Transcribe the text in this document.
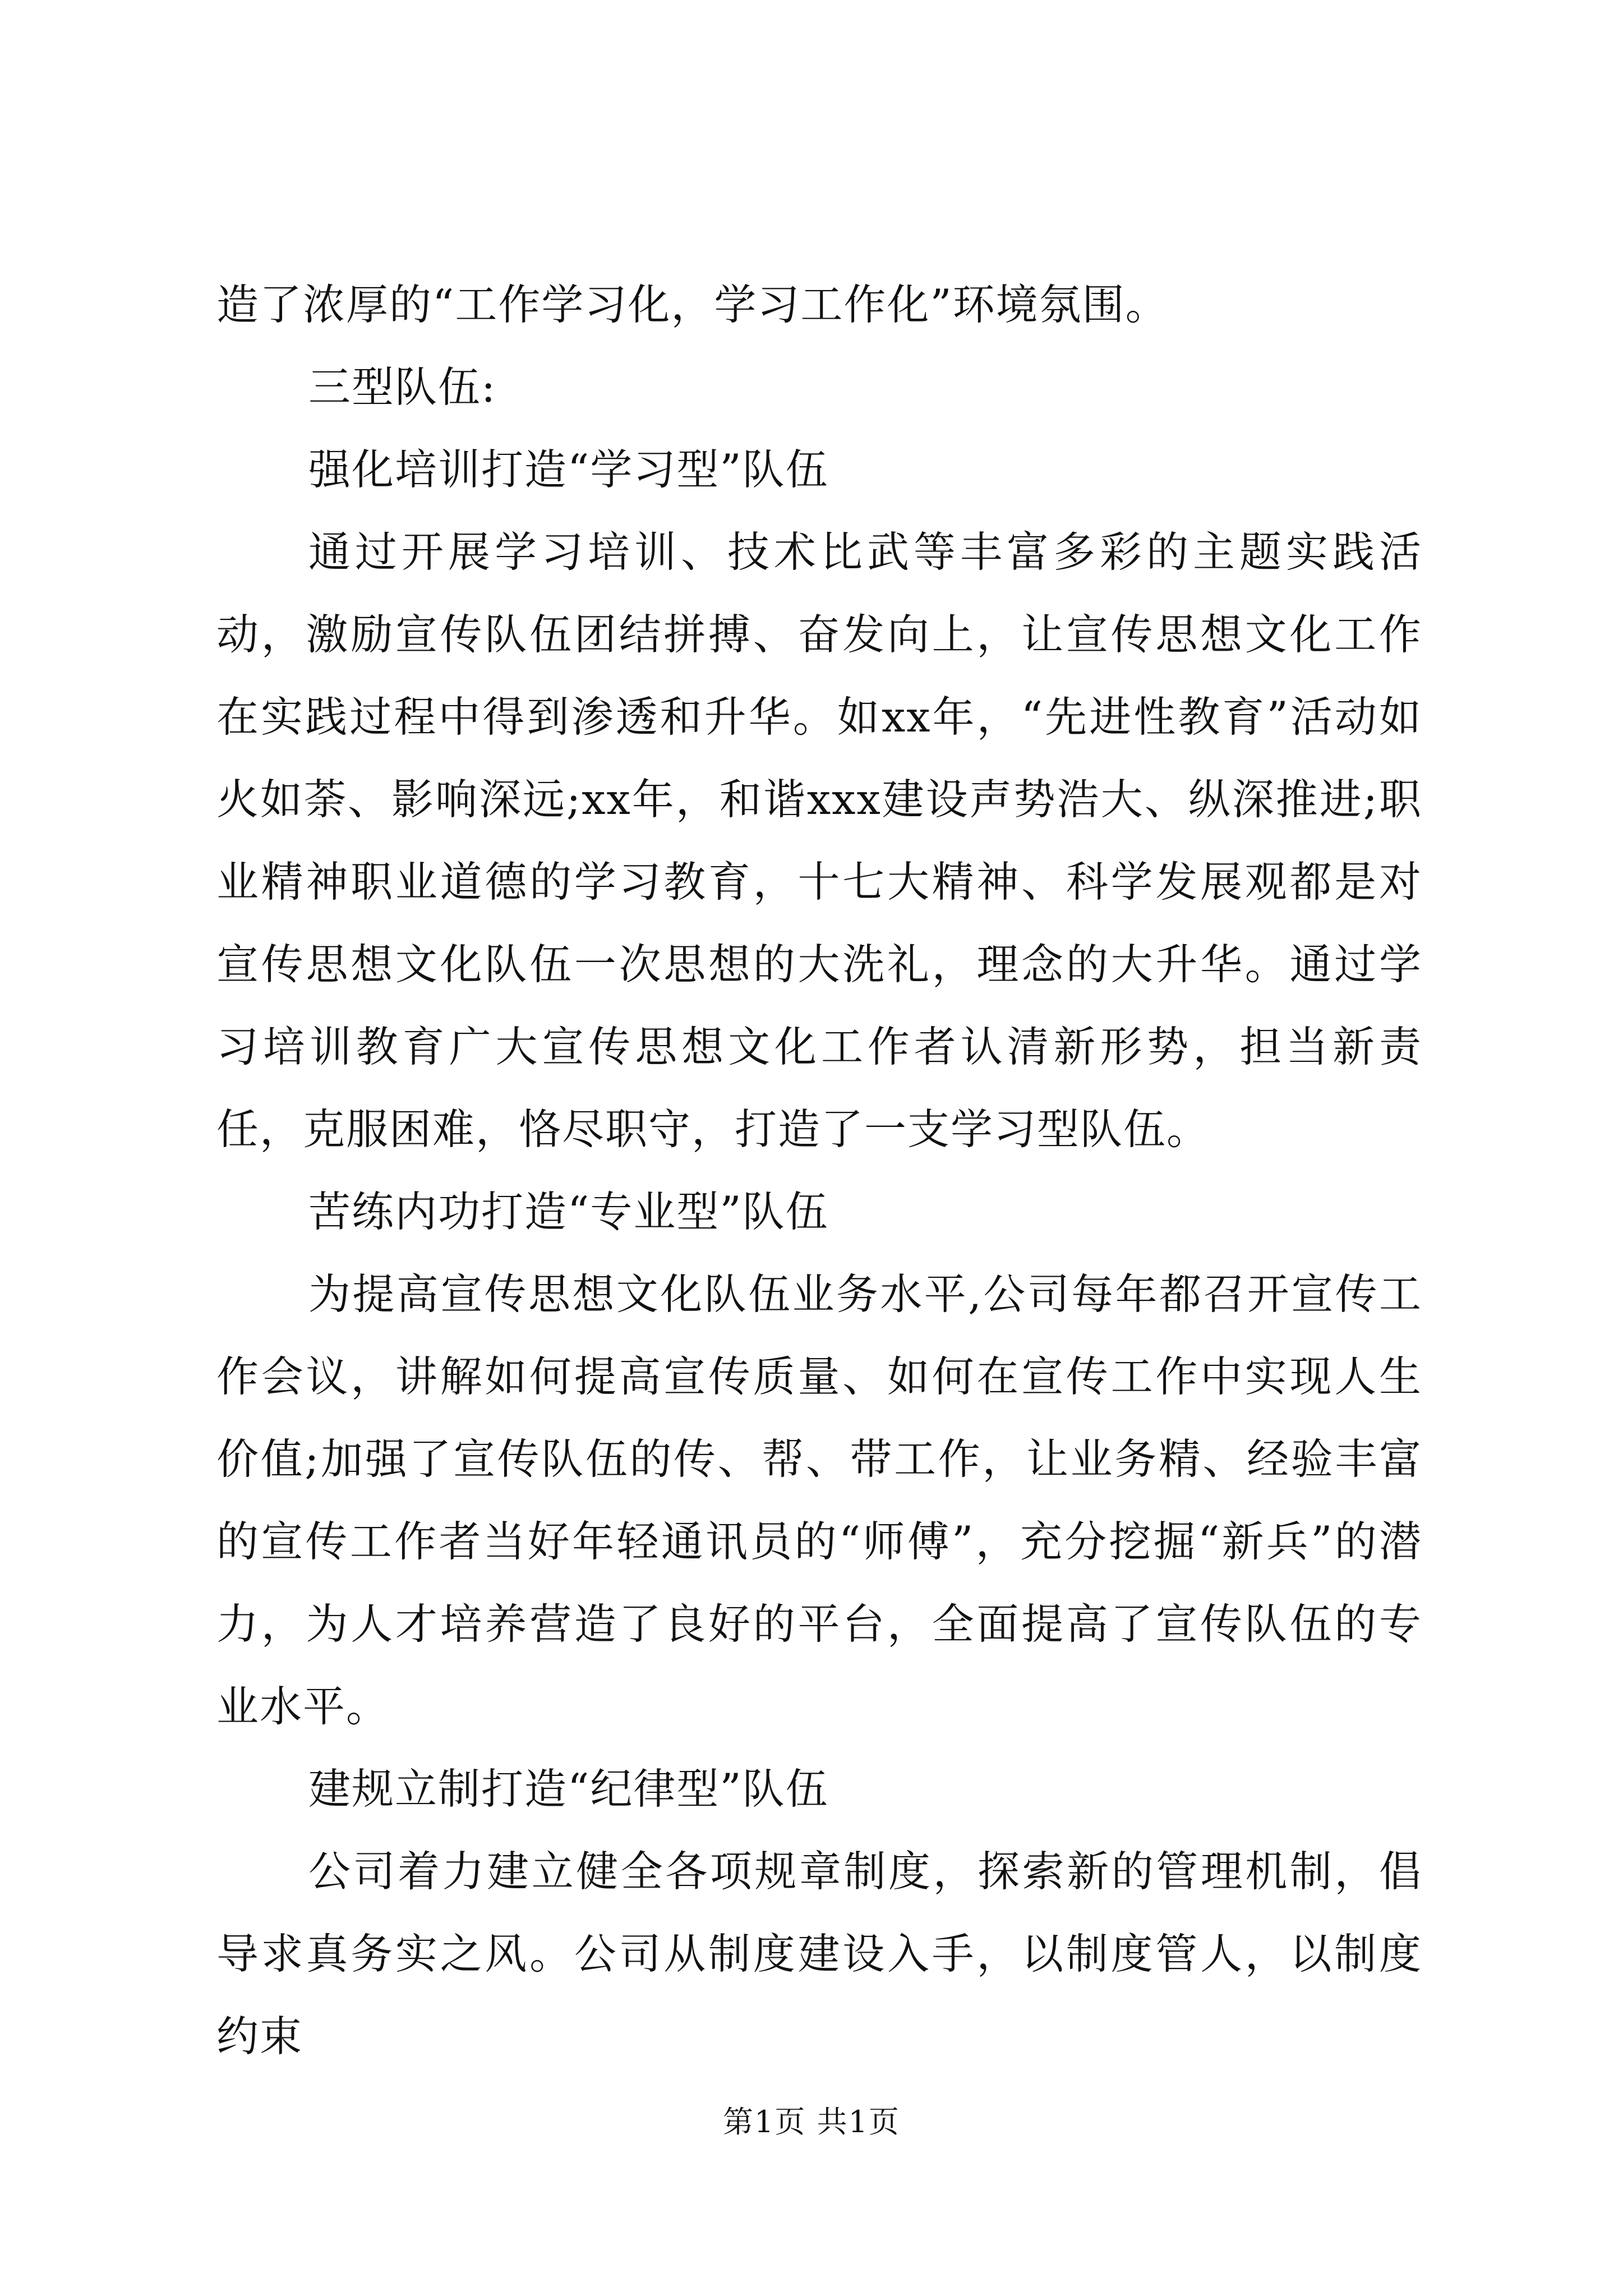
造了浓厚的“工作学习化，学习工作化”环境氛围。

三型队伍:

强化培训打造“学习型”队伍

通过开展学习培训、技术比武等丰富多彩的主题实践活动，激励宣传队伍团结拼搏、奋发向上，让宣传思想文化工作在实践过程中得到渗透和升华。如xx年，“先进性教育”活动如火如荼、影响深远;xx年，和谐xxx建设声势浩大、纵深推进;职业精神职业道德的学习教育，十七大精神、科学发展观都是对宣传思想文化队伍一次思想的大洗礼，理念的大升华。通过学习培训教育广大宣传思想文化工作者认清新形势，担当新责任，克服困难，恪尽职守，打造了一支学习型队伍。

苦练内功打造“专业型”队伍

为提高宣传思想文化队伍业务水平,公司每年都召开宣传工作会议，讲解如何提高宣传质量、如何在宣传工作中实现人生价值;加强了宣传队伍的传、帮、带工作，让业务精、经验丰富的宣传工作者当好年轻通讯员的“师傅”，充分挖掘“新兵”的潜力，为人才培养营造了良好的平台，全面提高了宣传队伍的专业水平。

建规立制打造“纪律型”队伍

公司着力建立健全各项规章制度，探索新的管理机制，倡导求真务实之风。公司从制度建设入手，以制度管人，以制度约束

第1页 共1页
